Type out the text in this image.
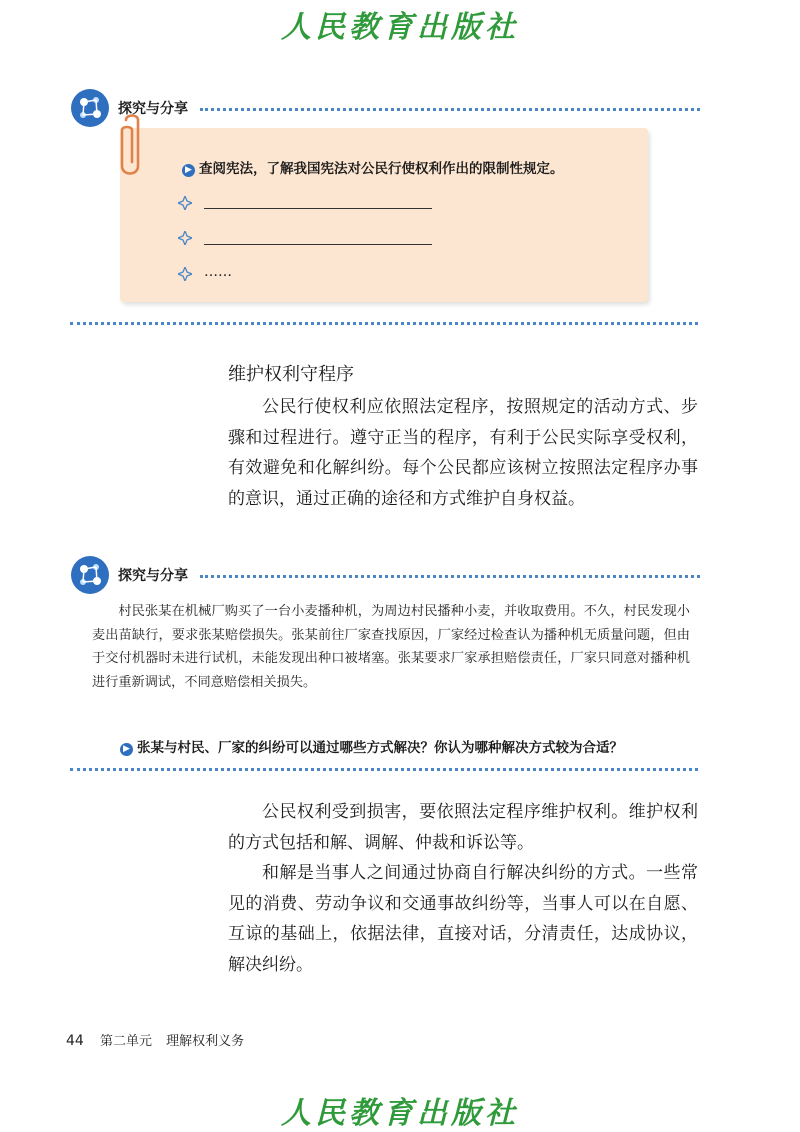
人民教育出版社
探究与分享
▶ 查阅宪法，了解我国宪法对公民行使权利作出的限制性规定。
……
维护权利守程序
公民行使权利应依照法定程序，按照规定的活动方式、步骤和过程进行。遵守正当的程序，有利于公民实际享受权利，有效避免和化解纠纷。每个公民都应该树立按照法定程序办事的意识，通过正确的途径和方式维护自身权益。
探究与分享
村民张某在机械厂购买了一台小麦播种机，为周边村民播种小麦，并收取费用。不久，村民发现小麦出苗缺行，要求张某赔偿损失。张某前往厂家查找原因，厂家经过检查认为播种机无质量问题，但由于交付机器时未进行试机，未能发现出种口被堵塞。张某要求厂家承担赔偿责任，厂家只同意对播种机进行重新调试，不同意赔偿相关损失。
▶ 张某与村民、厂家的纠纷可以通过哪些方式解决？你认为哪种解决方式较为合适？
公民权利受到损害，要依照法定程序维护权利。维护权利的方式包括和解、调解、仲裁和诉讼等。
和解是当事人之间通过协商自行解决纠纷的方式。一些常见的消费、劳动争议和交通事故纠纷等，当事人可以在自愿、互谅的基础上，依据法律，直接对话，分清责任，达成协议，解决纠纷。
44 第二单元 理解权利义务
人民教育出版社
